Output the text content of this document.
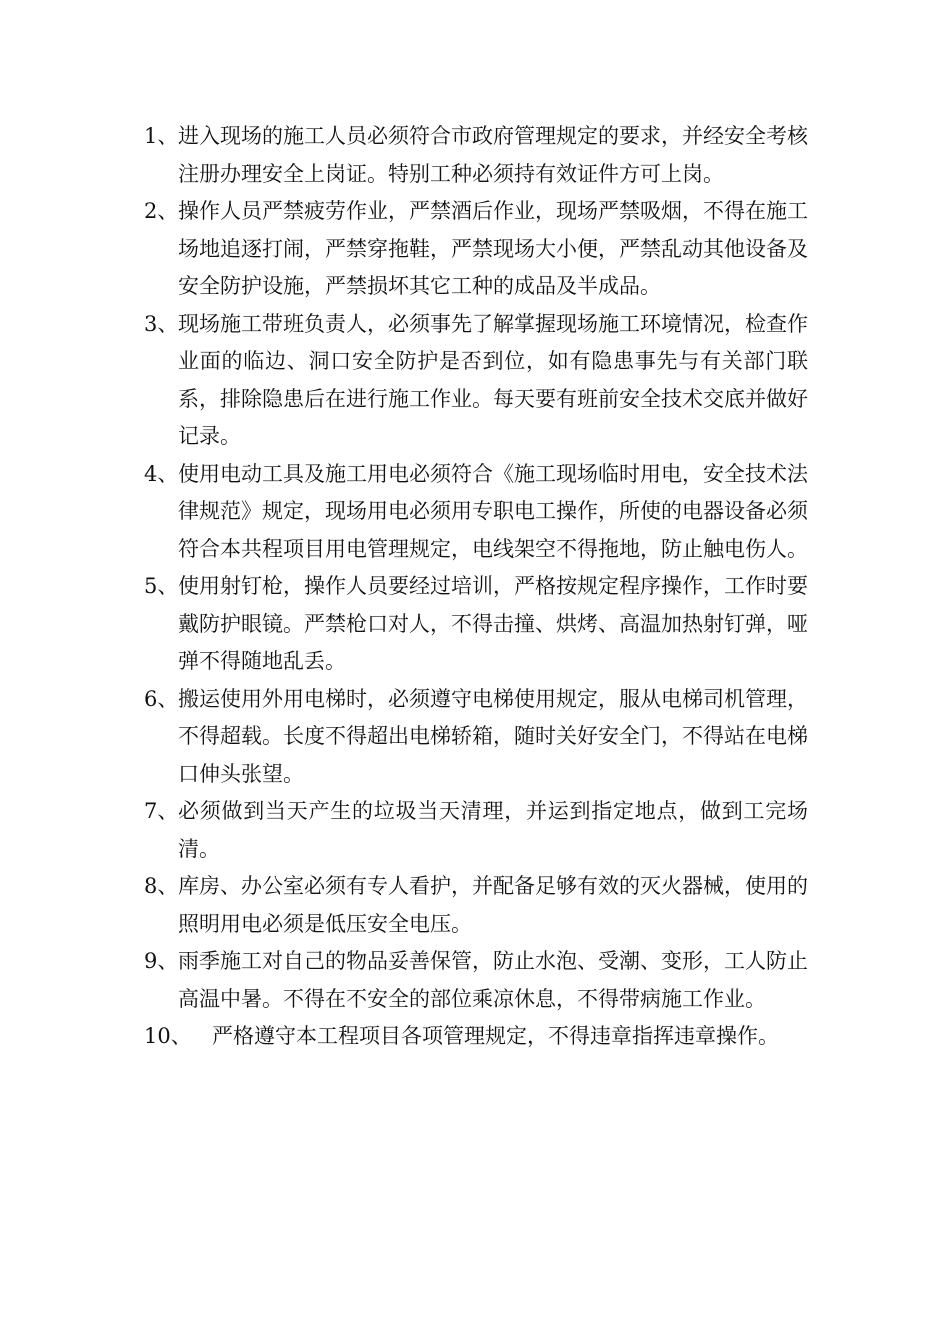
1、 进入现场的施工人员必须符合市政府管理规定的要求，并经安全考核注册办理安全上岗证。特别工种必须持有效证件方可上岗。
2、 操作人员严禁疲劳作业，严禁酒后作业，现场严禁吸烟，不得在施工场地追逐打闹，严禁穿拖鞋，严禁现场大小便，严禁乱动其他设备及安全防护设施，严禁损坏其它工种的成品及半成品。
3、 现场施工带班负责人，必须事先了解掌握现场施工环境情况，检查作业面的临边、洞口安全防护是否到位，如有隐患事先与有关部门联系，排除隐患后在进行施工作业。每天要有班前安全技术交底并做好记录。
4、 使用电动工具及施工用电必须符合《施工现场临时用电，安全技术法律规范》规定，现场用电必须用专职电工操作，所使的电器设备必须符合本共程项目用电管理规定，电线架空不得拖地，防止触电伤人。
5、 使用射钉枪，操作人员要经过培训，严格按规定程序操作，工作时要戴防护眼镜。严禁枪口对人，不得击撞、烘烤、高温加热射钉弹，哑弹不得随地乱丢。
6、 搬运使用外用电梯时，必须遵守电梯使用规定，服从电梯司机管理，不得超载。长度不得超出电梯轿箱，随时关好安全门，不得站在电梯口伸头张望。
7、 必须做到当天产生的垃圾当天清理，并运到指定地点，做到工完场清。
8、 库房、办公室必须有专人看护，并配备足够有效的灭火器械，使用的照明用电必须是低压安全电压。
9、 雨季施工对自己的物品妥善保管，防止水泡、受潮、变形，工人防止高温中暑。不得在不安全的部位乘凉休息，不得带病施工作业。
10、 严格遵守本工程项目各项管理规定，不得违章指挥违章操作。
